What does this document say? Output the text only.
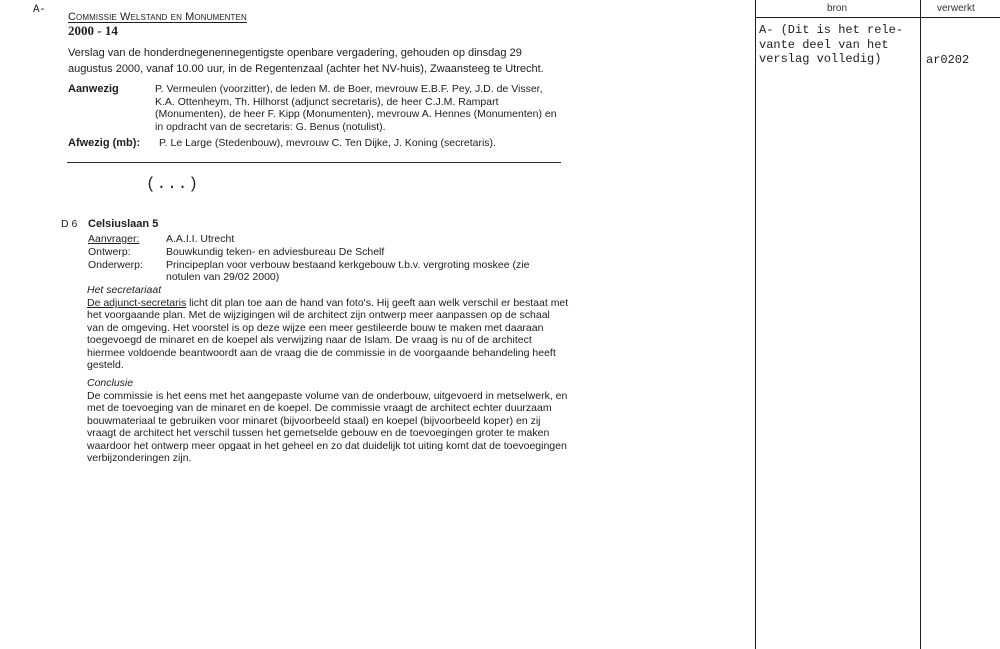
A-
Commissie Welstand en Monumenten
2000 - 14
Verslag van de honderdnegenennegentigste openbare vergadering, gehouden op dinsdag 29 augustus 2000, vanaf 10.00 uur, in de Regentenzaal (achter het NV-huis), Zwaansteeg te Utrecht.
Aanwezig	P. Vermeulen (voorzitter), de leden M. de Boer, mevrouw E.B.F. Pey, J.D. de Visser, K.A. Ottenheym, Th. Hilhorst (adjunct secretaris), de heer C.J.M. Rampart (Monumenten), de heer F. Kipp (Monumenten), mevrouw A. Hennes (Monumenten) en in opdracht van de secretaris: G. Benus (notulist).
Afwezig (mb): P. Le Large (Stedenbouw), mevrouw C. Ten Dijke, J. Koning (secretaris).
(...)
D 6 Celsiuslaan 5
Aanvrager:	A.A.I.I. Utrecht
Ontwerp:	Bouwkundig teken- en adviesbureau De Schelf
Onderwerp: Principeplan voor verbouw bestaand kerkgebouw t.b.v. vergroting moskee (zie notulen van 29/02 2000)
Het secretariaat
De adjunct-secretaris licht dit plan toe aan de hand van foto's. Hij geeft aan welk verschil er bestaat met het voorgaande plan. Met de wijzigingen wil de architect zijn ontwerp meer aanpassen op de schaal van de omgeving. Het voorstel is op deze wijze een meer gestileerde bouw te maken met daaraan toegevoegd de minaret en de koepel als verwijzing naar de Islam. De vraag is nu of de architect hiermee voldoende beantwoordt aan de vraag die de commissie in de voorgaande behandeling heeft gesteld.
Conclusie
De commissie is het eens met het aangepaste volume van de onderbouw, uitgevoerd in metselwerk, en met de toevoeging van de minaret en de koepel. De commissie vraagt de architect echter duurzaam bouwmateriaal te gebruiken voor minaret (bijvoorbeeld staal) en koepel (bijvoorbeeld koper) en zij vraagt de architect het verschil tussen het gemetselde gebouw en de toevoegingen groter te maken waardoor het ontwerp meer opgaat in het geheel en zo dat duidelijk tot uiting komt dat de toevoegingen verbijzonderingen zijn.
bron	verwerkt
A- (Dit is het rele-
vante deel van het
verslag volledig)	ar0202
